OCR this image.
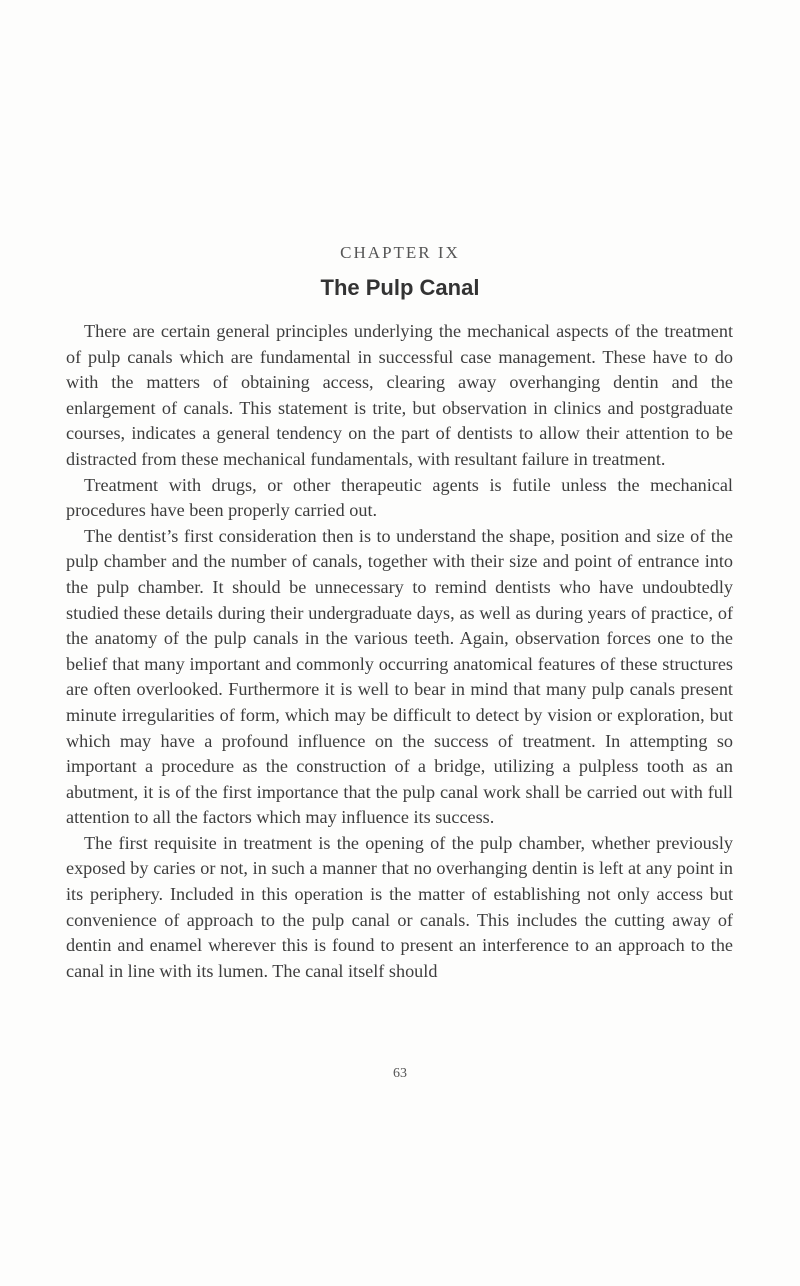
CHAPTER IX
The Pulp Canal

There are certain general principles underlying the mechanical aspects of the treatment of pulp canals which are fundamental in successful case management. These have to do with the matters of obtaining access, clearing away overhanging dentin and the enlargement of canals. This statement is trite, but observation in clinics and postgraduate courses, indicates a general tendency on the part of dentists to allow their attention to be distracted from these mechanical fundamentals, with resultant failure in treatment.

Treatment with drugs, or other therapeutic agents is futile unless the mechanical procedures have been properly carried out.

The dentist’s first consideration then is to understand the shape, position and size of the pulp chamber and the number of canals, together with their size and point of entrance into the pulp chamber. It should be unnecessary to remind dentists who have undoubtedly studied these details during their undergraduate days, as well as during years of practice, of the anatomy of the pulp canals in the various teeth. Again, observation forces one to the belief that many important and commonly occurring anatomical features of these structures are often overlooked. Furthermore it is well to bear in mind that many pulp canals present minute irregularities of form, which may be difficult to detect by vision or exploration, but which may have a profound influence on the success of treatment. In attempting so important a procedure as the construction of a bridge, utilizing a pulpless tooth as an abutment, it is of the first importance that the pulp canal work shall be carried out with full attention to all the factors which may influence its success.

The first requisite in treatment is the opening of the pulp chamber, whether previously exposed by caries or not, in such a manner that no overhanging dentin is left at any point in its periphery. Included in this operation is the matter of establishing not only access but convenience of approach to the pulp canal or canals. This includes the cutting away of dentin and enamel wherever this is found to present an interference to an approach to the canal in line with its lumen. The canal itself should

63
